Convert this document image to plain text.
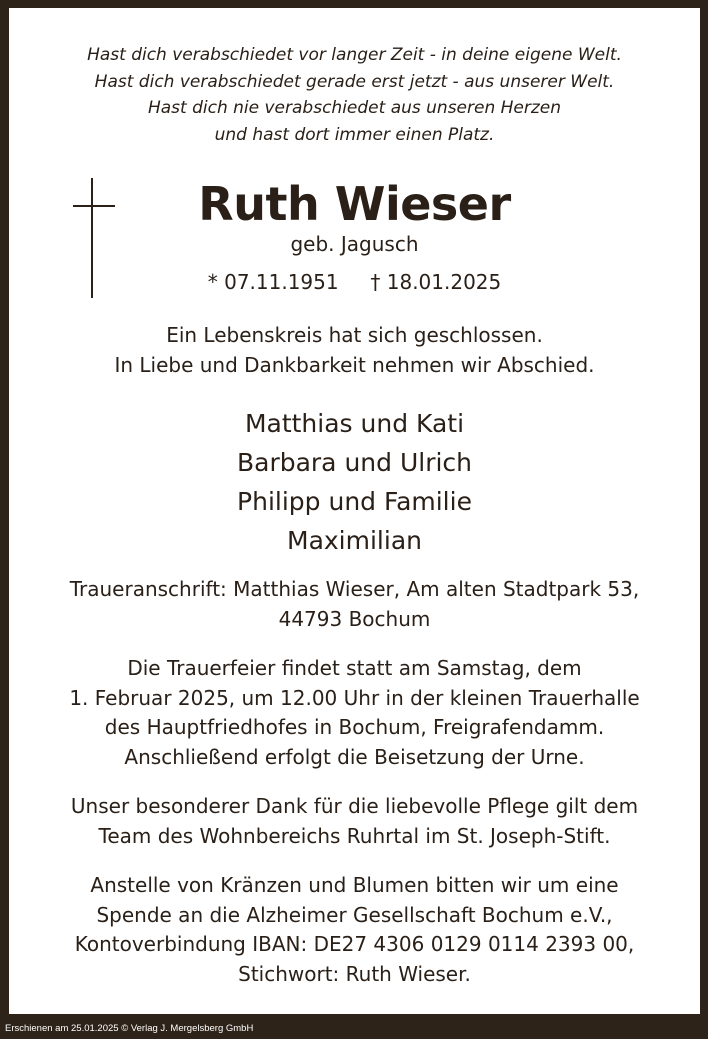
Hast dich verabschiedet vor langer Zeit - in deine eigene Welt.
Hast dich verabschiedet gerade erst jetzt - aus unserer Welt.
Hast dich nie verabschiedet aus unseren Herzen
und hast dort immer einen Platz.
Ruth Wieser
geb. Jagusch
* 07.11.1951     † 18.01.2025
Ein Lebenskreis hat sich geschlossen.
In Liebe und Dankbarkeit nehmen wir Abschied.
Matthias und Kati
Barbara und Ulrich
Philipp und Familie
Maximilian
Traueranschrift: Matthias Wieser, Am alten Stadtpark 53,
44793 Bochum
Die Trauerfeier findet statt am Samstag, dem
1. Februar 2025, um 12.00 Uhr in der kleinen Trauerhalle
des Hauptfriedhofes in Bochum, Freigrafendamm.
Anschließend erfolgt die Beisetzung der Urne.
Unser besonderer Dank für die liebevolle Pflege gilt dem
Team des Wohnbereichs Ruhrtal im St. Joseph-Stift.
Anstelle von Kränzen und Blumen bitten wir um eine
Spende an die Alzheimer Gesellschaft Bochum e.V.,
Kontoverbindung IBAN: DE27 4306 0129 0114 2393 00,
Stichwort: Ruth Wieser.
Erschienen am 25.01.2025 © Verlag J. Mergelsberg GmbH
